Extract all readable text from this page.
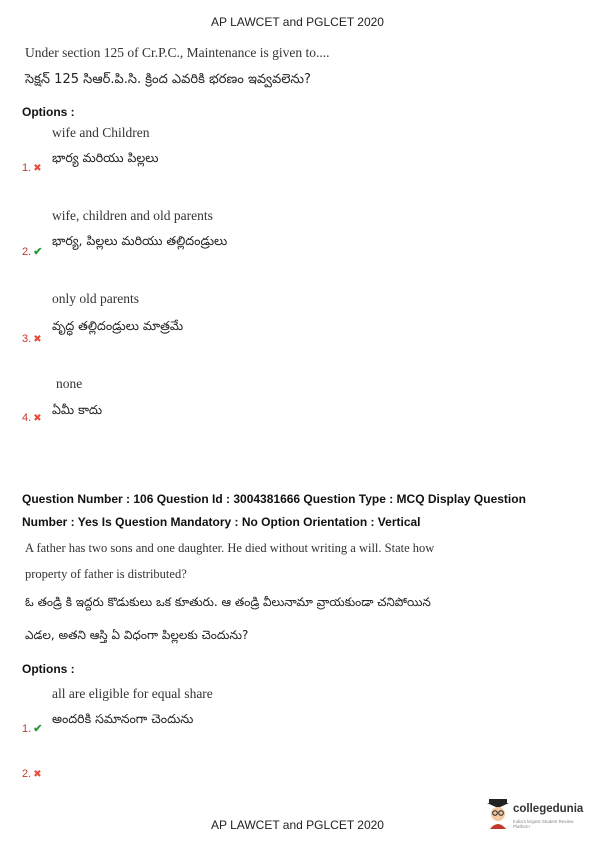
AP LAWCET and PGLCET 2020
Under section 125 of Cr.P.C., Maintenance is given to....
సెక్షన్ 125 సిఆర్.పి.సి. క్రింద ఎవరికి భరణం ఇవ్వవలెను?
Options :
wife and Children
భార్య మరియు పిల్లలు
1. ✖
wife, children and old parents
భార్య, పిల్లలు మరియు తల్లిదండ్రులు
2. ✔
only old parents
వృద్ధ తల్లిదండ్రులు మాత్రమే
3. ✖
none
ఏమీ కాదు
4. ✖
Question Number : 106 Question Id : 3004381666 Question Type : MCQ Display Question
Number : Yes Is Question Mandatory : No Option Orientation : Vertical
A father has two sons and one daughter. He died without writing a will. State how
property of father is distributed?
ఓ తండ్రి కి ఇద్దరు కొడుకులు ఒక కూతురు. ఆ తండ్రి వీలునామా వ్రాయకుండా చనిపోయిన
ఎడల, అతని ఆస్తి ఏ విధంగా పిల్లలకు చెందును?
Options :
all are eligible for equal share
అందరికి సమానంగా చెందును
1. ✔
2. ✖
AP LAWCET and PGLCET 2020
collegedunia
India's largest Student Review Platform
